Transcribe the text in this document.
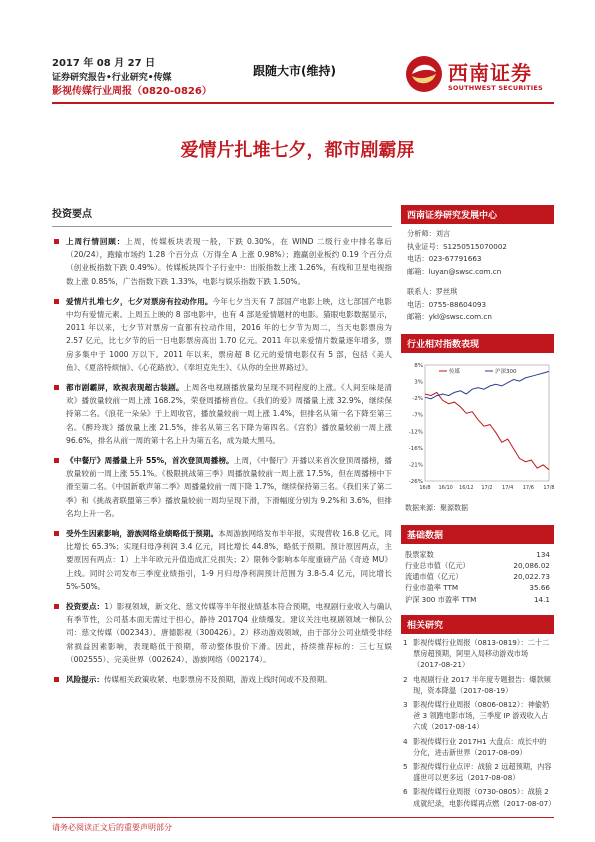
2017 年 08 月 27 日
证券研究报告•行业研究•传媒
影视传媒行业周报（0820-0826）
跟随大市(维持)	西南证券
SOUTHWEST SECURITIES
爱情片扎堆七夕，都市剧霸屏
投资要点
上周行情回顾：上周，传媒板块表现一般，下跌 0.30%，在 WIND 二级行业中排名靠后（20/24），跑输市场约 1.28 个百分点（万得全 A 上涨 0.98%）；跑赢创业板约 0.19 个百分点（创业板指数下跌 0.49%）。传媒板块四个子行业中：出版指数上涨 1.26%，有线和卫星电视指数上涨 0.85%，广告指数下跌 1.33%，电影与娱乐指数下跌 1.50%。
爱情片扎堆七夕，七夕对票房有拉动作用。今年七夕当天有 7 部国产电影上映，这七部国产电影中均有爱情元素。上周五上映的 8 部电影中，也有 4 部是爱情题材的电影。猫眼电影数据显示，2011 年以来，七夕节对票房一直都有拉动作用，2016 年的七夕节为周二，当天电影票房为 2.57 亿元，比七夕节的后一日电影票房高出 1.70 亿元。2011 年以来爱情片数量逐年增多，票房多集中于 1000 万以下。2011 年以来，票房超 8 亿元的爱情电影仅有 5 部，包括《美人鱼》、《夏洛特烦恼》、《心花路放》、《奉坦克先生》、《从你的全世界路过》。
都市剧霸屏，欧视表现超古装剧。上周各电视剧播放量均呈现不同程度的上涨。《人间至味是清欢》播放量较前一周上涨 168.2%，荣登周播榜首位。《我们的爱》周播量上涨 32.9%，继续保持第二名。《浪花一朵朵》于上周收官，播放量较前一周上涨 1.4%，但排名从第一名下降至第三名。《醉玲珑》播放量上涨 21.5%，排名从第三名下降为第四名。《宫豹》播放量较前一周上涨 96.6%，排名从前一周的第十名上升为第五名，成为最大黑马。
《中餐厅》周播量上升 55%，首次登顶周播榜。上周，《中餐厅》开播以来首次登顶周播榜，播放量较前一周上涨 55.1%。《极限挑战第三季》周播放量较前一周上涨 17.5%，但在周播榜中下滑至第二名。《中国新歌声第二季》周播量较前一周下降 1.7%，继续保持第三名。《我们来了第二季》和《挑战者联盟第三季》播放量较前一周均呈现下滑，下滑幅度分别为 9.2%和 3.6%，但排名均上升一名。
受外生因素影响，游族网络业绩略低于预期。本周游族网络发布半年报，实现营收 16.8 亿元，同比增长 65.3%；实现归母净利润 3.4 亿元，同比增长 44.8%，略低于预期。预计原因两点，主要原因有两点：1）上半年欧元升值造成汇兑损失；2）限韩令影响本年度重磅产品《奇迹 MU》上线。同时公司发布三季度业绩指引，1-9 月归母净利润预计范围为 3.8-5.4 亿元，同比增长 5%-50%。
投资要点：1）影视领域，新文化、慈文传媒等半年报业绩基本符合预期，电视剧行业收入与确认有季节性，公司基本面无需过于担心，静待 2017Q4 业绩爆发。建议关注电视剧领域一梯队公司：慈文传媒（002343）、唐德影视（300426）。2）移动游戏领域，由于部分公司业绩受非经常损益因素影响，表现略低于预期，带动整体股价下滑。因此，持续推荐标的：三七互娱（002555）、完美世界（002624）、游族网络（002174）。
风险提示：传媒相关政策收紧、电影票房不及预期，游戏上线时间或不及预期。
西南证券研究发展中心
分析师：刘言
执业证号：S1250515070002
电话：023-67791663
邮箱：luyan@swsc.com.cn
联系人：罗丝琪
电话：0755-88604093
邮箱：ykl@swsc.com.cn
行业相对指数表现
8%
3%
-2%
-7%
-12%
-16%
-21%
-26%
16/8 16/10 16/12 17/2 17/4 17/6 17/8
传媒	沪深300
数据来源：聚源数据
基础数据
股票家数	134
行业总市值（亿元）	20,086.02
流通市值（亿元）	20,022.73
行业市盈率 TTM	35.66
沪深 300 市盈率 TTM	14.1
相关研究
1 影视传媒行业周报（0813-0819）：二十二票房超预期，阿里入局移动游戏市场（2017-08-21）
2 电视剧行业 2017 半年度专题报告：爆款频现，资本降温（2017-08-19）
3 影视传媒行业周报（0806-0812）：神偷奶爸 3 领跑电影市场，三季度 IP 游戏收入占六成（2017-08-14）
4 影视传媒行业 2017H1 大盘点：成长中的分化，进击新世界（2017-08-09）
5 影视传媒行业点评：战狼 2 远超预期，内容盛世可以更多远（2017-08-08）
6 影视传媒行业周报（0730-0805）：战狼 2 成就纪录，电影传媒再点燃（2017-08-07）
请务必阅读正文后的重要声明部分
